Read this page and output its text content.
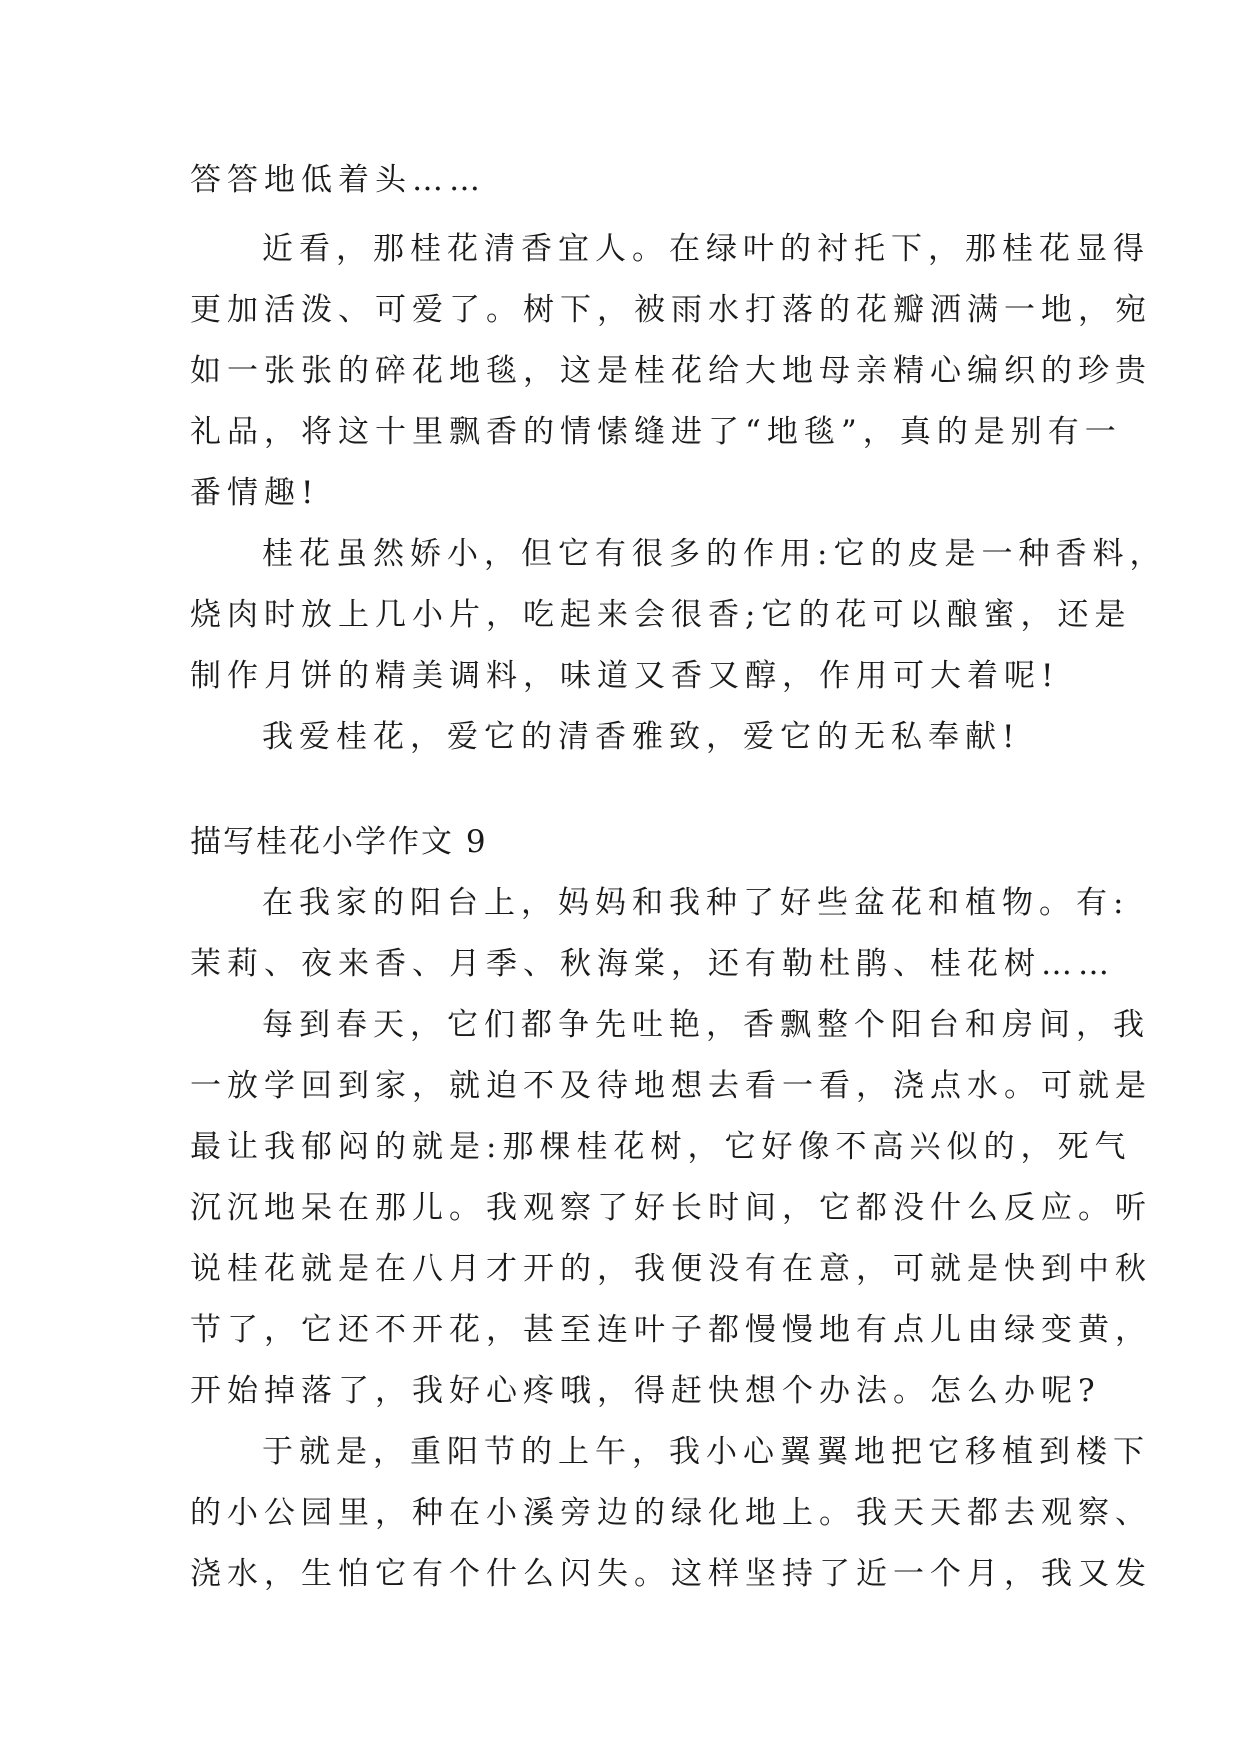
答答地低着头……
近看，那桂花清香宜人。在绿叶的衬托下，那桂花显得
更加活泼、可爱了。树下，被雨水打落的花瓣洒满一地，宛
如一张张的碎花地毯，这是桂花给大地母亲精心编织的珍贵
礼品，将这十里飘香的情愫缝进了“地毯”，真的是别有一
番情趣!
桂花虽然娇小，但它有很多的作用:它的皮是一种香料，
烧肉时放上几小片，吃起来会很香;它的花可以酿蜜，还是
制作月饼的精美调料，味道又香又醇，作用可大着呢!
我爱桂花，爱它的清香雅致，爱它的无私奉献!
描写桂花小学作文 9
在我家的阳台上，妈妈和我种了好些盆花和植物。有:
茉莉、夜来香、月季、秋海棠，还有勒杜鹃、桂花树……
每到春天，它们都争先吐艳，香飘整个阳台和房间，我
一放学回到家，就迫不及待地想去看一看，浇点水。可就是
最让我郁闷的就是:那棵桂花树，它好像不高兴似的，死气
沉沉地呆在那儿。我观察了好长时间，它都没什么反应。听
说桂花就是在八月才开的，我便没有在意，可就是快到中秋
节了，它还不开花，甚至连叶子都慢慢地有点儿由绿变黄，
开始掉落了，我好心疼哦，得赶快想个办法。怎么办呢?
于就是，重阳节的上午，我小心翼翼地把它移植到楼下
的小公园里，种在小溪旁边的绿化地上。我天天都去观察、
浇水，生怕它有个什么闪失。这样坚持了近一个月，我又发
